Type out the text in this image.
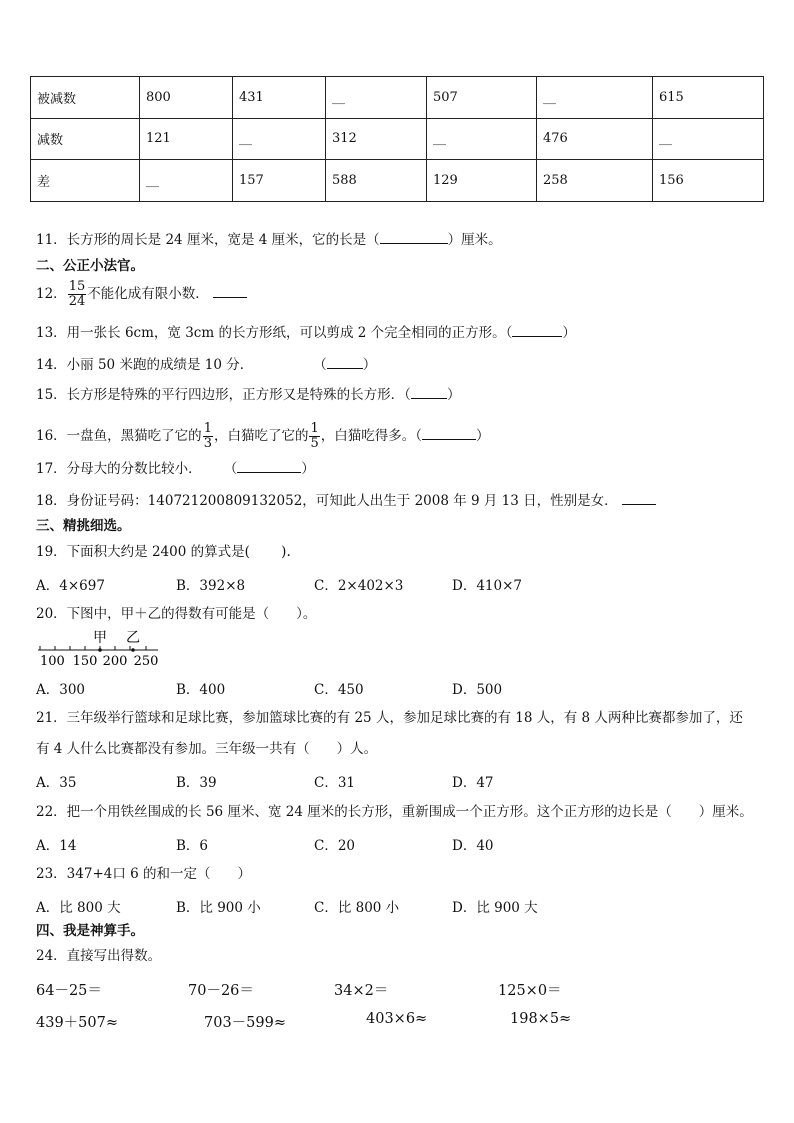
被减数	800	431	__	507	__	615
减数	121	__	312	__	476	__
差	__	157	588	129	258	156
11．长方形的周长是 24 厘米，宽是 4 厘米，它的长是（	）厘米。
二、公正小法官。
12． $\frac{15}{24}$ 不能化成有限小数．
13．用一张长 6cm，宽 3cm 的长方形纸，可以剪成 2 个完全相同的正方形。（	）
14．小丽 50 米跑的成绩是 10 分．	（	）
15．长方形是特殊的平行四边形，正方形又是特殊的长方形．（	）
16．一盘鱼，黑猫吃了它的 $\frac{1}{3}$ ，白猫吃了它的 $\frac{1}{5}$ ，白猫吃得多。（	）
17．分母大的分数比较小． （	）
18．身份证号码：140721200809132052，可知此人出生于 2008 年 9 月 13 日，性别是女．
三、精挑细选。
19．下面积大约是 2400 的算式是(　　 ).
A．4×697	B．392×8	C．2×402×3	D．410×7
20．下图中，甲＋乙的得数有可能是（　　）。
甲 乙
100 150 200 250
A．300	B．400	C．450	D．500
21．三年级举行篮球和足球比赛，参加篮球比赛的有 25 人，参加足球比赛的有 18 人，有 8 人两种比赛都参加了，还
有 4 人什么比赛都没有参加。三年级一共有（　　）人。
A．35	B．39	C．31	D．47
22．把一个用铁丝围成的长 56 厘米、宽 24 厘米的长方形，重新围成一个正方形。这个正方形的边长是（　　）厘米。
A．14	B．6	C．20	D．40
23．347+4口 6 的和一定（　　）
A．比 800 大	B．比 900 小	C．比 800 小	D．比 900 大
四、我是神算手。
24．直接写出得数。
64－25＝	70－26＝	34×2＝	125×0＝
439＋507≈	703－599≈	403×6≈	198×5≈
